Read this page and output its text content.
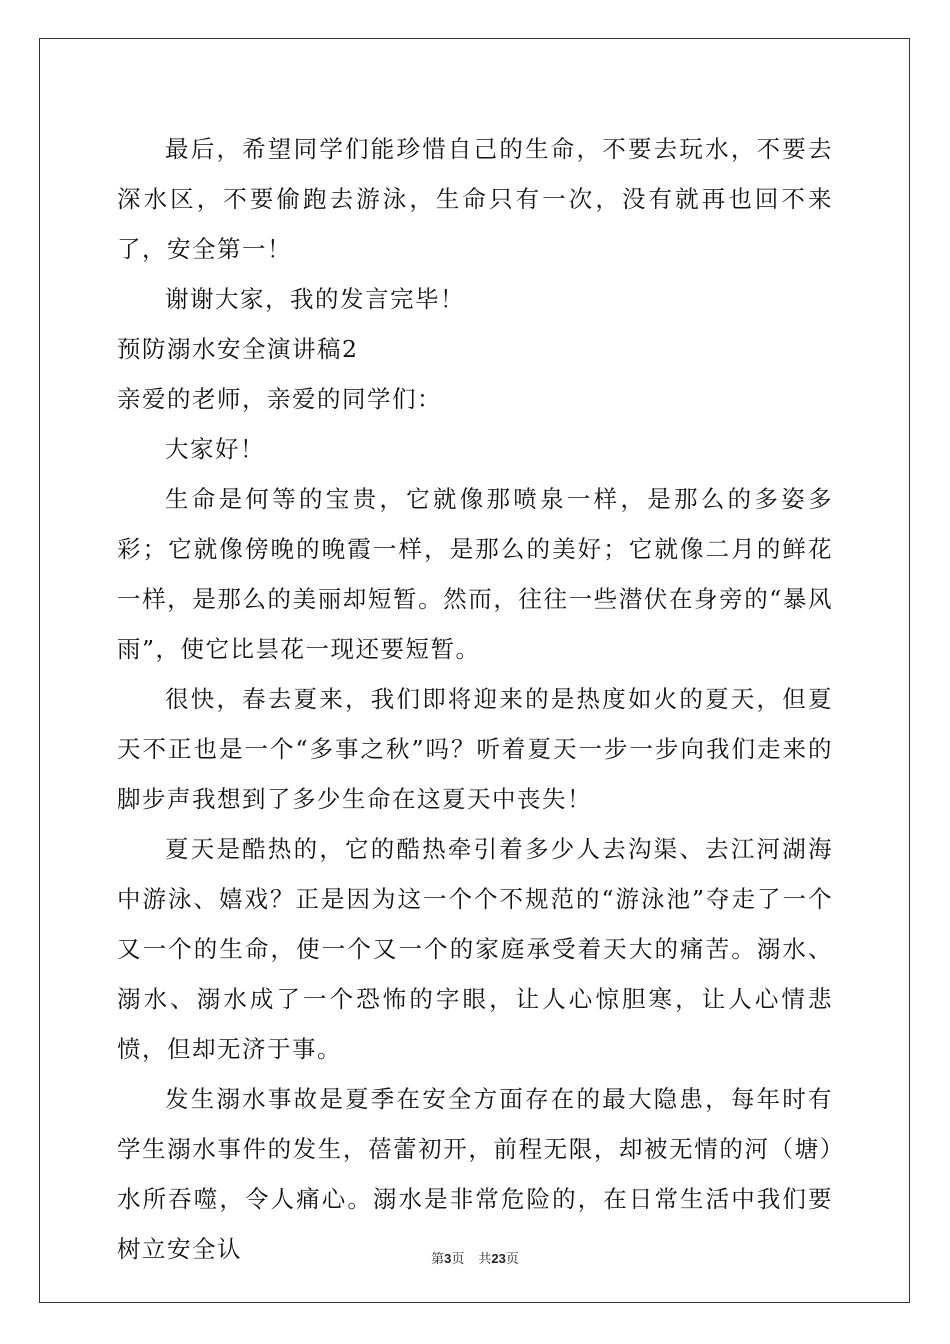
最后，希望同学们能珍惜自己的生命，不要去玩水，不要去深水区，不要偷跑去游泳，生命只有一次，没有就再也回不来了，安全第一！

谢谢大家，我的发言完毕！

预防溺水安全演讲稿2

亲爱的老师，亲爱的同学们：

大家好！

生命是何等的宝贵，它就像那喷泉一样，是那么的多姿多彩；它就像傍晚的晚霞一样，是那么的美好；它就像二月的鲜花一样，是那么的美丽却短暂。然而，往往一些潜伏在身旁的“暴风雨”，使它比昙花一现还要短暂。

很快，春去夏来，我们即将迎来的是热度如火的夏天，但夏天不正也是一个“多事之秋”吗？听着夏天一步一步向我们走来的脚步声我想到了多少生命在这夏天中丧失！

夏天是酷热的，它的酷热牵引着多少人去沟渠、去江河湖海中游泳、嬉戏？正是因为这一个个不规范的“游泳池”夺走了一个又一个的生命，使一个又一个的家庭承受着天大的痛苦。溺水、溺水、溺水成了一个恐怖的字眼，让人心惊胆寒，让人心情悲愤，但却无济于事。

发生溺水事故是夏季在安全方面存在的最大隐患，每年时有学生溺水事件的发生，蓓蕾初开，前程无限，却被无情的河（塘）水所吞噬，令人痛心。溺水是非常危险的，在日常生活中我们要树立安全认	第3页 共23页
